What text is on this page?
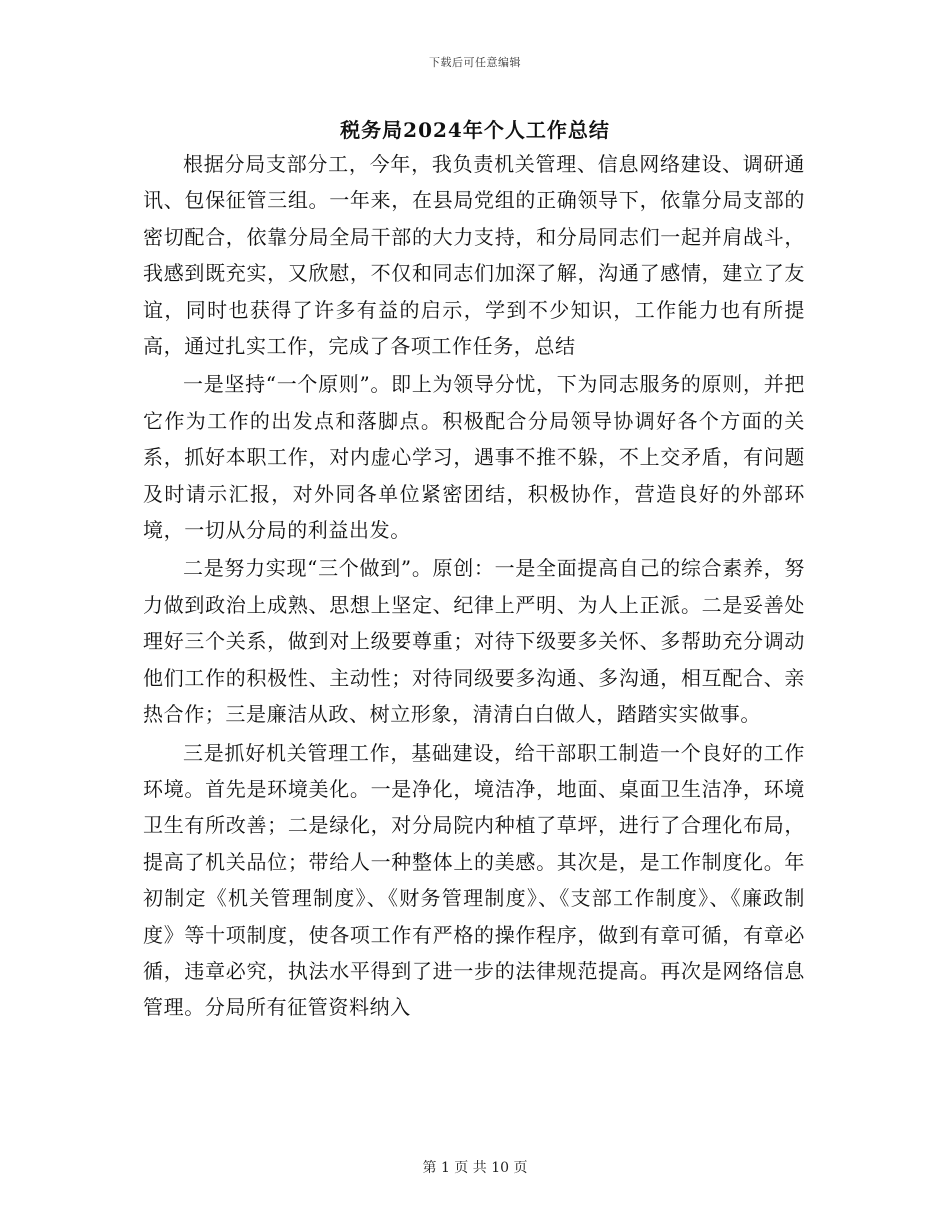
下载后可任意编辑
税务局2024年个人工作总结

根据分局支部分工，今年，我负责机关管理、信息网络建设、调研通讯、包保征管三组。一年来，在县局党组的正确领导下，依靠分局支部的密切配合，依靠分局全局干部的大力支持，和分局同志们一起并肩战斗，我感到既充实，又欣慰，不仅和同志们加深了解，沟通了感情，建立了友谊，同时也获得了许多有益的启示，学到不少知识，工作能力也有所提高，通过扎实工作，完成了各项工作任务，总结

一是坚持“一个原则”。即上为领导分忧，下为同志服务的原则，并把它作为工作的出发点和落脚点。积极配合分局领导协调好各个方面的关系，抓好本职工作，对内虚心学习，遇事不推不躲，不上交矛盾，有问题及时请示汇报，对外同各单位紧密团结，积极协作，营造良好的外部环境，一切从分局的利益出发。

二是努力实现“三个做到”。原创：一是全面提高自己的综合素养，努力做到政治上成熟、思想上坚定、纪律上严明、为人上正派。二是妥善处理好三个关系，做到对上级要尊重；对待下级要多关怀、多帮助充分调动他们工作的积极性、主动性；对待同级要多沟通、多沟通，相互配合、亲热合作；三是廉洁从政、树立形象，清清白白做人，踏踏实实做事。

三是抓好机关管理工作，基础建设，给干部职工制造一个良好的工作环境。首先是环境美化。一是净化，境洁净，地面、桌面卫生洁净，环境卫生有所改善；二是绿化，对分局院内种植了草坪，进行了合理化布局，提高了机关品位；带给人一种整体上的美感。其次是，是工作制度化。年初制定《机关管理制度》、《财务管理制度》、《支部工作制度》、《廉政制度》等十项制度，使各项工作有严格的操作程序，做到有章可循，有章必循，违章必究，执法水平得到了进一步的法律规范提高。再次是网络信息管理。分局所有征管资料纳入

第 1 页 共 10 页
